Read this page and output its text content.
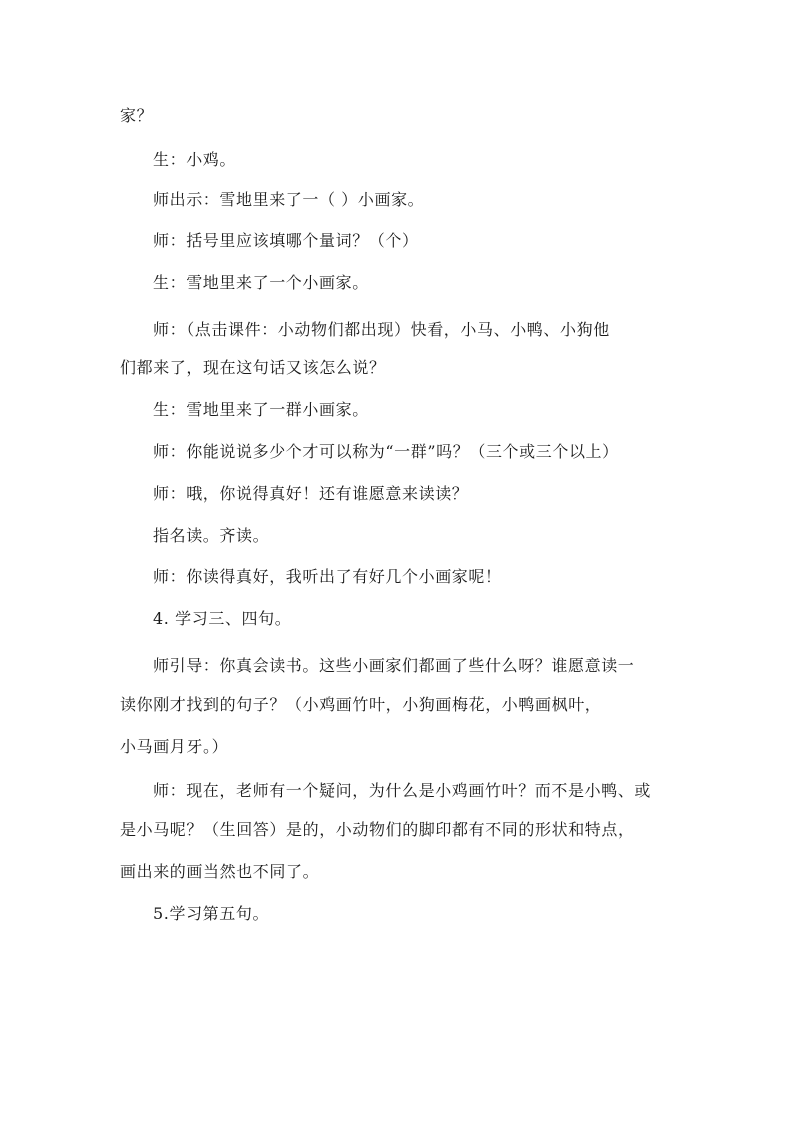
家？
生：小鸡。
师出示：雪地里来了一（ ）小画家。
师：括号里应该填哪个量词？（个）
生：雪地里来了一个小画家。
师：（点击课件：小动物们都出现）快看，小马、小鸭、小狗他
们都来了，现在这句话又该怎么说？
生：雪地里来了一群小画家。
师：你能说说多少个才可以称为“一群”吗？（三个或三个以上）
师：哦，你说得真好！还有谁愿意来读读？
指名读。齐读。
师：你读得真好，我听出了有好几个小画家呢！
4. 学习三、四句。
师引导：你真会读书。这些小画家们都画了些什么呀？谁愿意读一
读你刚才找到的句子？（小鸡画竹叶，小狗画梅花，小鸭画枫叶，
小马画月牙。）
师：现在，老师有一个疑问，为什么是小鸡画竹叶？而不是小鸭、或
是小马呢？（生回答）是的，小动物们的脚印都有不同的形状和特点，
画出来的画当然也不同了。
5.学习第五句。
